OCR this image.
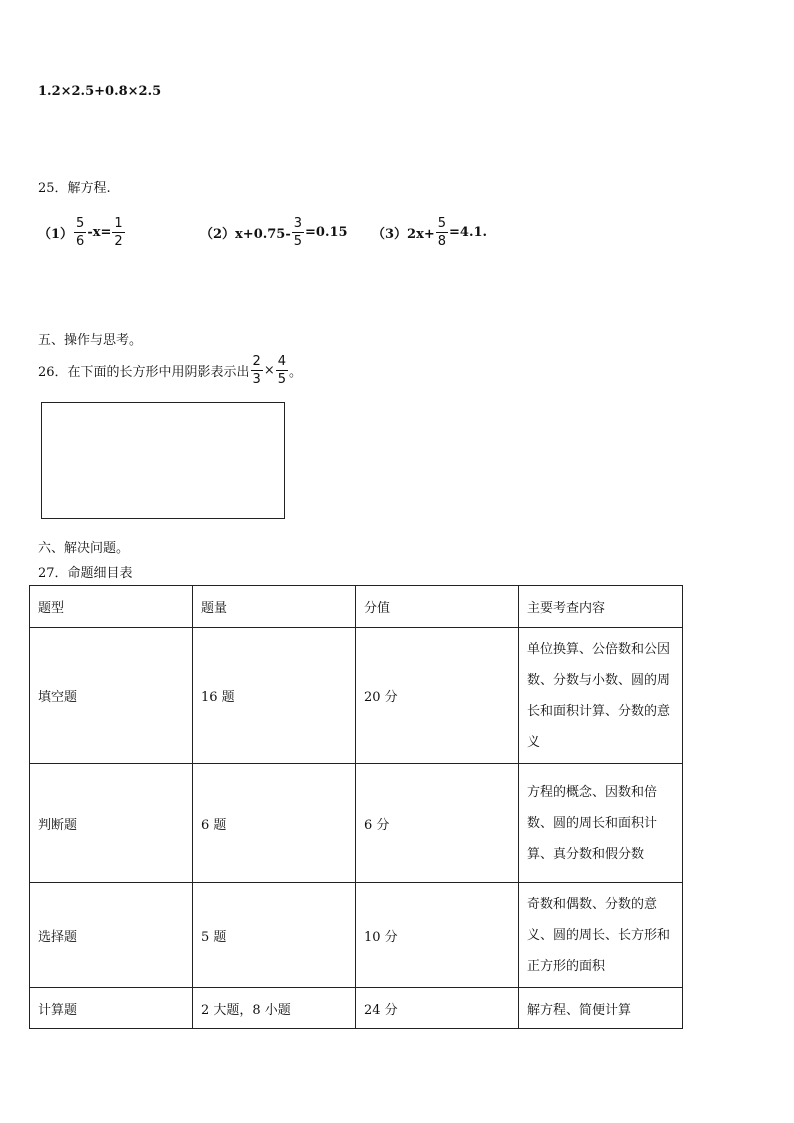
1.2×2.5+0.8×2.5
25．解方程.
$(1) \frac{5}{6} -x= \frac{1}{2}$	$(2)x+0.75- \frac{3}{5} =0.15$ $(3)2x+ \frac{5}{8} =4.1$.
五、操作与思考。
26．在下面的长方形中用阴影表示出 $\frac{2}{3} \times \frac{4}{5}$ 。
六、解决问题。
27．命题细目表
题型	题量	分值	主要考查内容
填空题	16 题	20 分	单位换算、公倍数和公因数、分数与小数、圆的周长和面积计算、分数的意义
判断题	6 题	6 分	方程的概念、因数和倍数、圆的周长和面积计算、真分数和假分数
选择题	5 题	10 分	奇数和偶数、分数的意义、圆的周长、长方形和正方形的面积
计算题	2 大题，8 小题	24 分	解方程、简便计算
